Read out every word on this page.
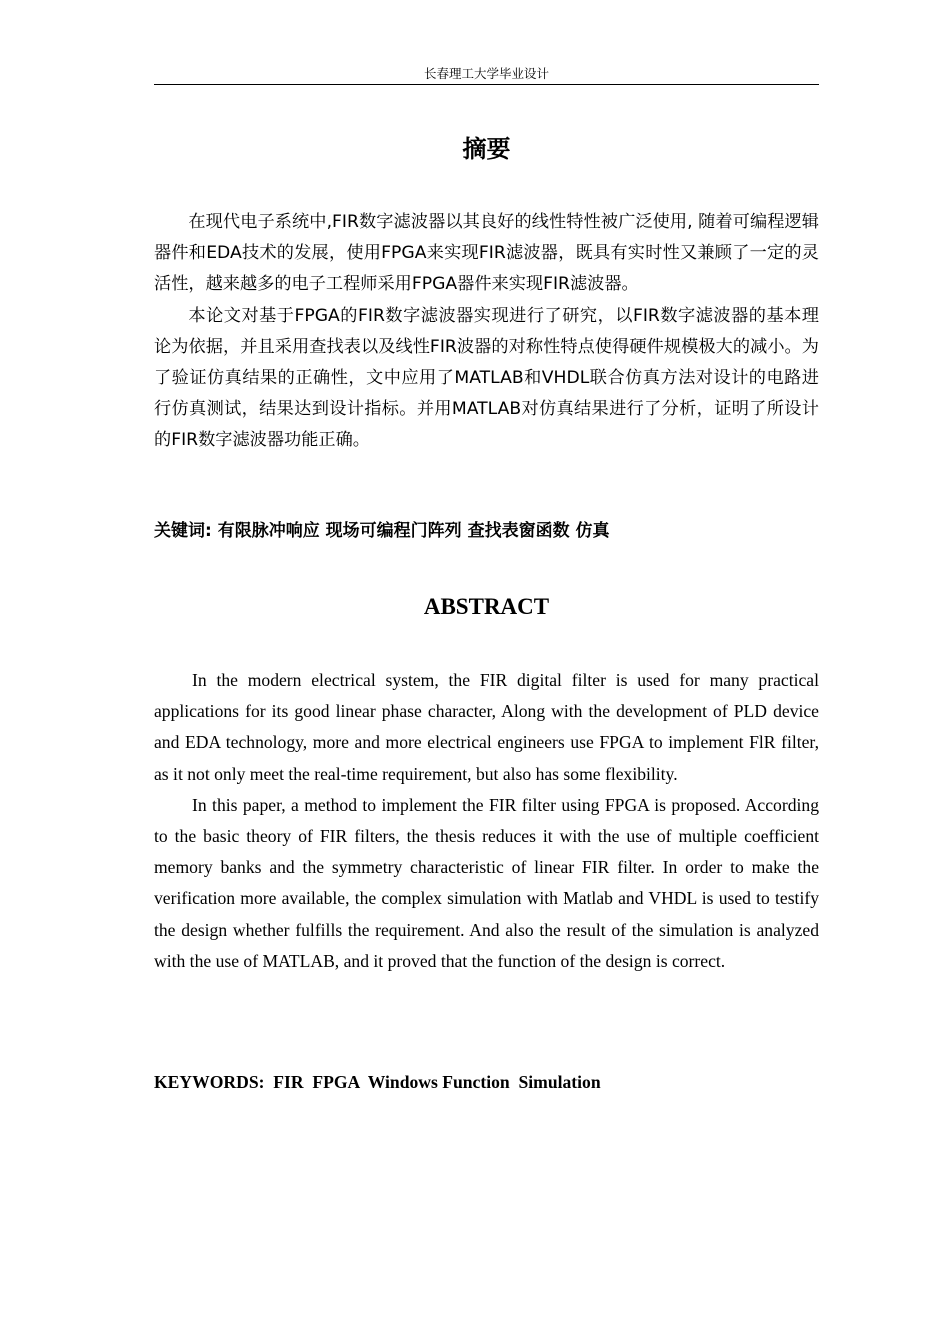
长春理工大学毕业设计
摘要

在现代电子系统中,FIR数字滤波器以其良好的线性特性被广泛使用, 随着可编程逻辑器件和EDA技术的发展，使用FPGA来实现FIR滤波器，既具有实时性又兼顾了一定的灵活性，越来越多的电子工程师采用FPGA器件来实现FIR滤波器。

本论文对基于FPGA的FIR数字滤波器实现进行了研究，以FIR数字滤波器的基本理论为依据，并且采用查找表以及线性FIR波器的对称性特点使得硬件规模极大的减小。为了验证仿真结果的正确性，文中应用了MATLAB和VHDL联合仿真方法对设计的电路进行仿真测试，结果达到设计指标。并用MATLAB对仿真结果进行了分析，证明了所设计的FIR数字滤波器功能正确。

关键词: 有限脉冲响应 现场可编程门阵列 查找表窗函数 仿真
ABSTRACT

In the modern electrical system, the FIR digital filter is used for many practical applications for its good linear phase character, Along with the development of PLD device and EDA technology, more and more electrical engineers use FPGA to implement FlR filter, as it not only meet the real-time requirement, but also has some flexibility.

In this paper, a method to implement the FIR filter using FPGA is proposed. According to the basic theory of FIR filters, the thesis reduces it with the use of multiple coefficient memory banks and the symmetry characteristic of linear FIR filter. In order to make the verification more available, the complex simulation with Matlab and VHDL is used to testify the design whether fulfills the requirement. And also the result of the simulation is analyzed with the use of MATLAB, and it proved that the function of the design is correct.

KEYWORDS: FIR  FPGA  Windows Function  Simulation
